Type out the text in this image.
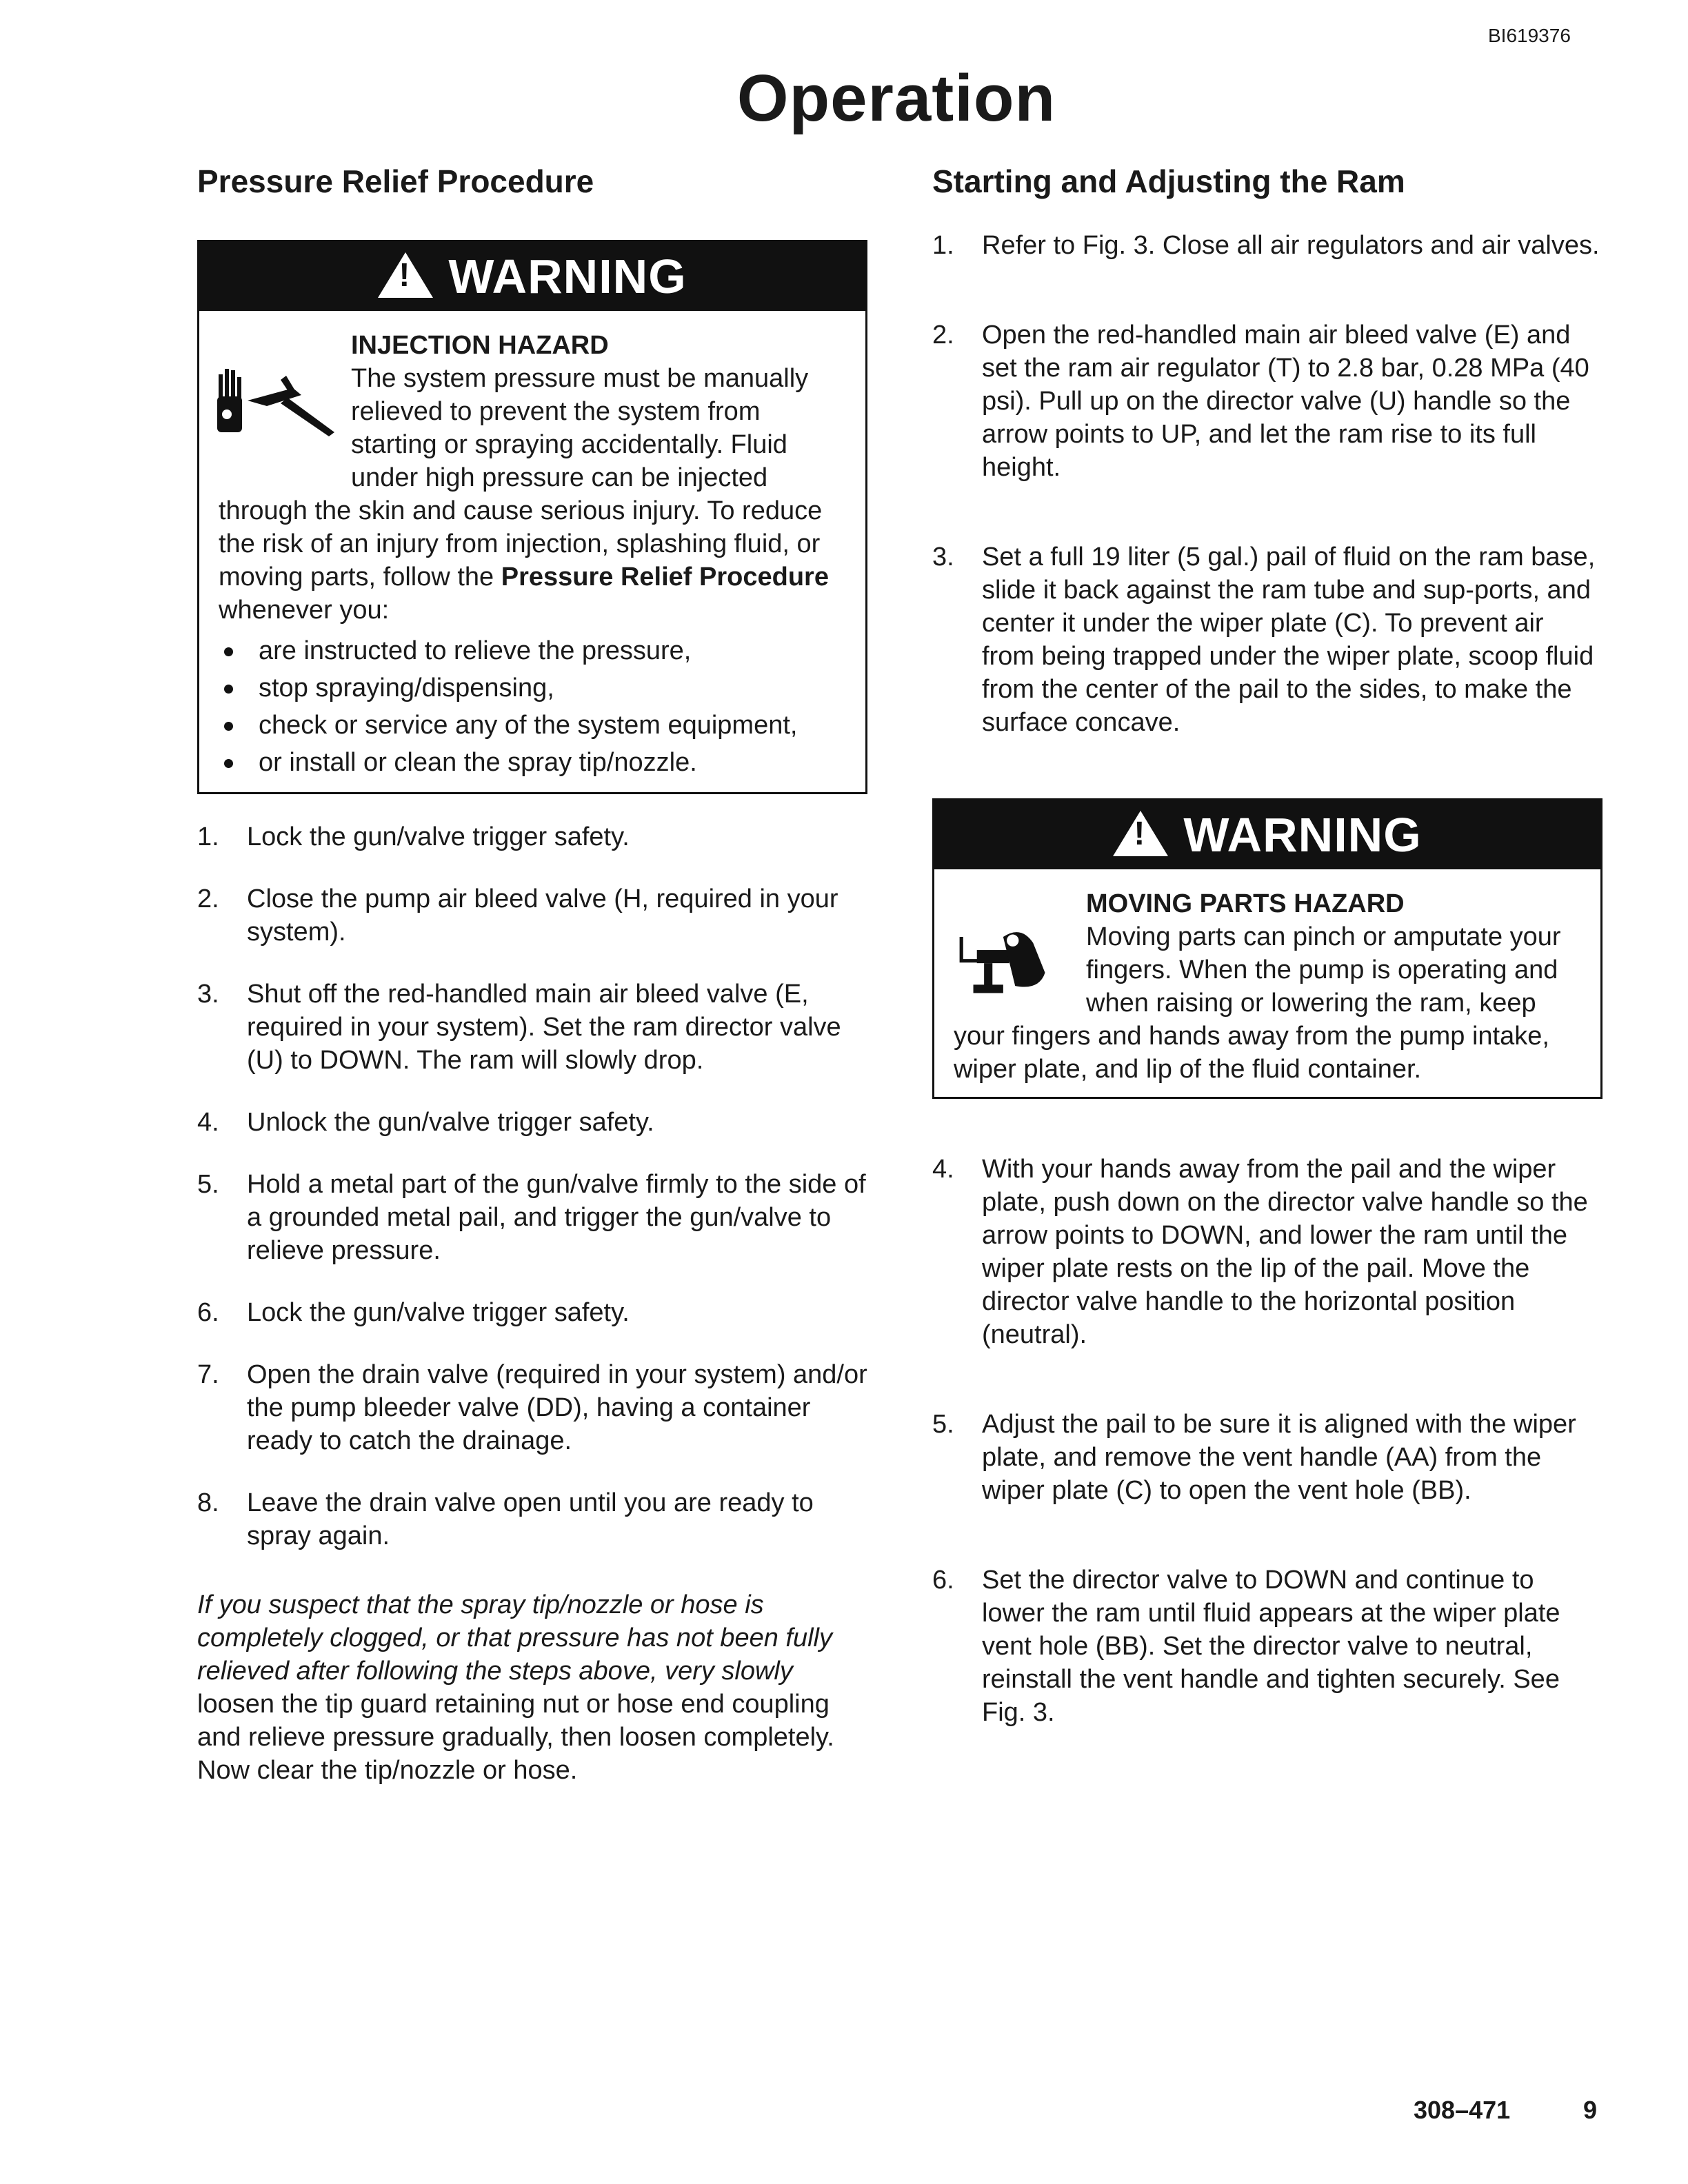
BI619376
Operation
Pressure Relief Procedure
!
WARNING
INJECTION HAZARD
The system pressure must be manually relieved to prevent the system from starting or spraying accidentally. Fluid under high pressure can be injected through the skin and cause serious injury. To reduce the risk of an injury from injection, splashing fluid, or moving parts, follow the Pressure Relief Procedure whenever you:
are instructed to relieve the pressure,
stop spraying/dispensing,
check or service any of the system equipment,
or install or clean the spray tip/nozzle.
1. Lock the gun/valve trigger safety.
2. Close the pump air bleed valve (H, required in your system).
3. Shut off the red-handled main air bleed valve (E, required in your system). Set the ram director valve (U) to DOWN. The ram will slowly drop.
4. Unlock the gun/valve trigger safety.
5. Hold a metal part of the gun/valve firmly to the side of a grounded metal pail, and trigger the gun/valve to relieve pressure.
6. Lock the gun/valve trigger safety.
7. Open the drain valve (required in your system) and/or the pump bleeder valve (DD), having a container ready to catch the drainage.
8. Leave the drain valve open until you are ready to spray again.

If you suspect that the spray tip/nozzle or hose is completely clogged, or that pressure has not been fully relieved after following the steps above, very slowly loosen the tip guard retaining nut or hose end coupling and relieve pressure gradually, then loosen completely. Now clear the tip/nozzle or hose.

Starting and Adjusting the Ram
1. Refer to Fig. 3. Close all air regulators and air valves.
2. Open the red-handled main air bleed valve (E) and set the ram air regulator (T) to 2.8 bar, 0.28 MPa (40 psi). Pull up on the director valve (U) handle so the arrow points to UP, and let the ram rise to its full height.
3. Set a full 19 liter (5 gal.) pail of fluid on the ram base, slide it back against the ram tube and sup-ports, and center it under the wiper plate (C). To prevent air from being trapped under the wiper plate, scoop fluid from the center of the pail to the sides, to make the surface concave.
!
WARNING
MOVING PARTS HAZARD
Moving parts can pinch or amputate your fingers. When the pump is operating and when raising or lowering the ram, keep your fingers and hands away from the pump intake, wiper plate, and lip of the fluid container.
4. With your hands away from the pail and the wiper plate, push down on the director valve handle so the arrow points to DOWN, and lower the ram until the wiper plate rests on the lip of the pail. Move the director valve handle to the horizontal position (neutral).
5. Adjust the pail to be sure it is aligned with the wiper plate, and remove the vent handle (AA) from the wiper plate (C) to open the vent hole (BB).
6. Set the director valve to DOWN and continue to lower the ram until fluid appears at the wiper plate vent hole (BB). Set the director valve to neutral, reinstall the vent handle and tighten securely. See Fig. 3.
308–471	9
